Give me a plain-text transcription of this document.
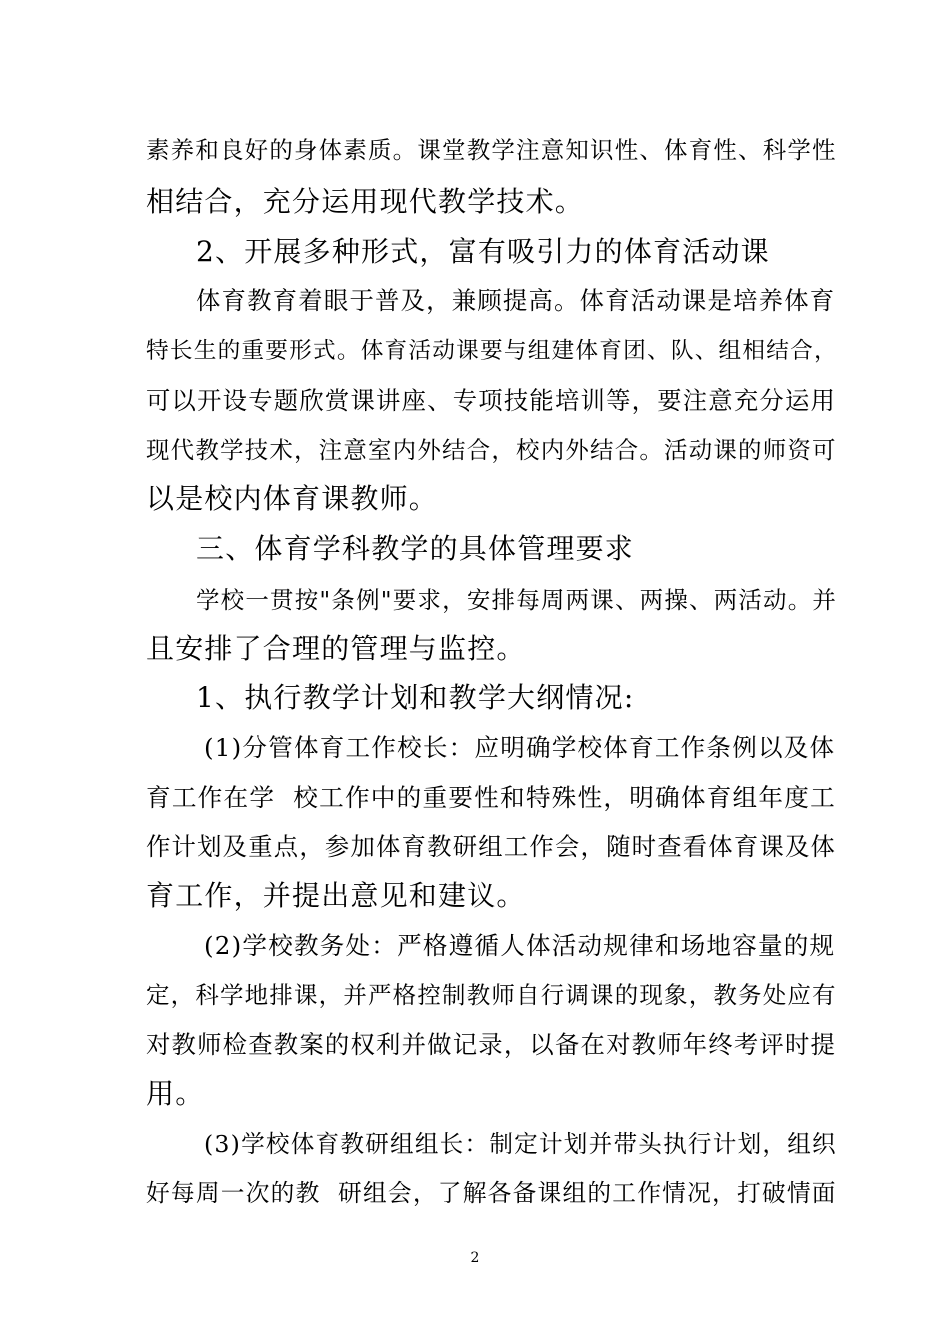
素养和良好的身体素质。课堂教学注意知识性、体育性、科学性
相结合，充分运用现代教学技术。
2、开展多种形式，富有吸引力的体育活动课
体育教育着眼于普及，兼顾提高。体育活动课是培养体育
特长生的重要形式。体育活动课要与组建体育团、队、组相结合，
可以开设专题欣赏课讲座、专项技能培训等，要注意充分运用
现代教学技术，注意室内外结合，校内外结合。活动课的师资可
以是校内体育课教师。
三、体育学科教学的具体管理要求
学校一贯按"条例"要求，安排每周两课、两操、两活动。并
且安排了合理的管理与监控。
1、执行教学计划和教学大纲情况:
(1)分管体育工作校长：应明确学校体育工作条例以及体
育工作在学  校工作中的重要性和特殊性，明确体育组年度工
作计划及重点，参加体育教研组工作会，随时查看体育课及体
育工作，并提出意见和建议。
(2)学校教务处：严格遵循人体活动规律和场地容量的规
定，科学地排课，并严格控制教师自行调课的现象，教务处应有
对教师检查教案的权利并做记录，以备在对教师年终考评时提
用。
(3)学校体育教研组组长：制定计划并带头执行计划，组织
好每周一次的教  研组会，了解各备课组的工作情况，打破情面
2
